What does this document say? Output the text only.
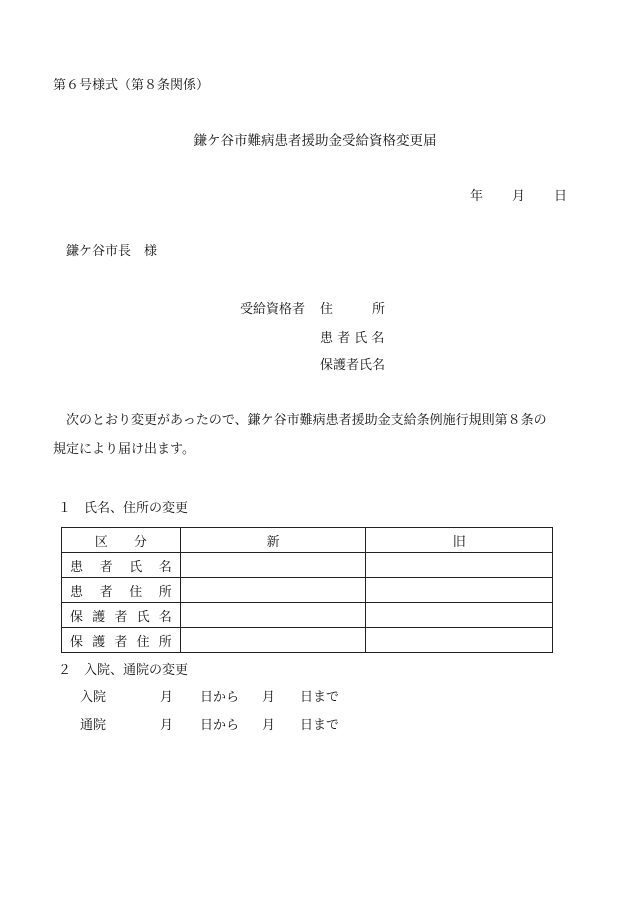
第６号様式（第８条関係）
鎌ケ谷市難病患者援助金受給資格変更届
年 月 日
鎌ケ谷市長　様
受給資格者 住　　　所
患 者 氏 名
保護者氏名
次のとおり変更があったので、鎌ケ谷市難病患者援助金支給条例施行規則第８条の
規定により届け出ます。
１　氏名、住所の変更
区　　分	新	旧
患者氏名		
患者住所		
保護者氏名		
保護者住所		
２　入院、通院の変更
入院	月 日から 月 日まで
通院	月 日から 月 日まで
